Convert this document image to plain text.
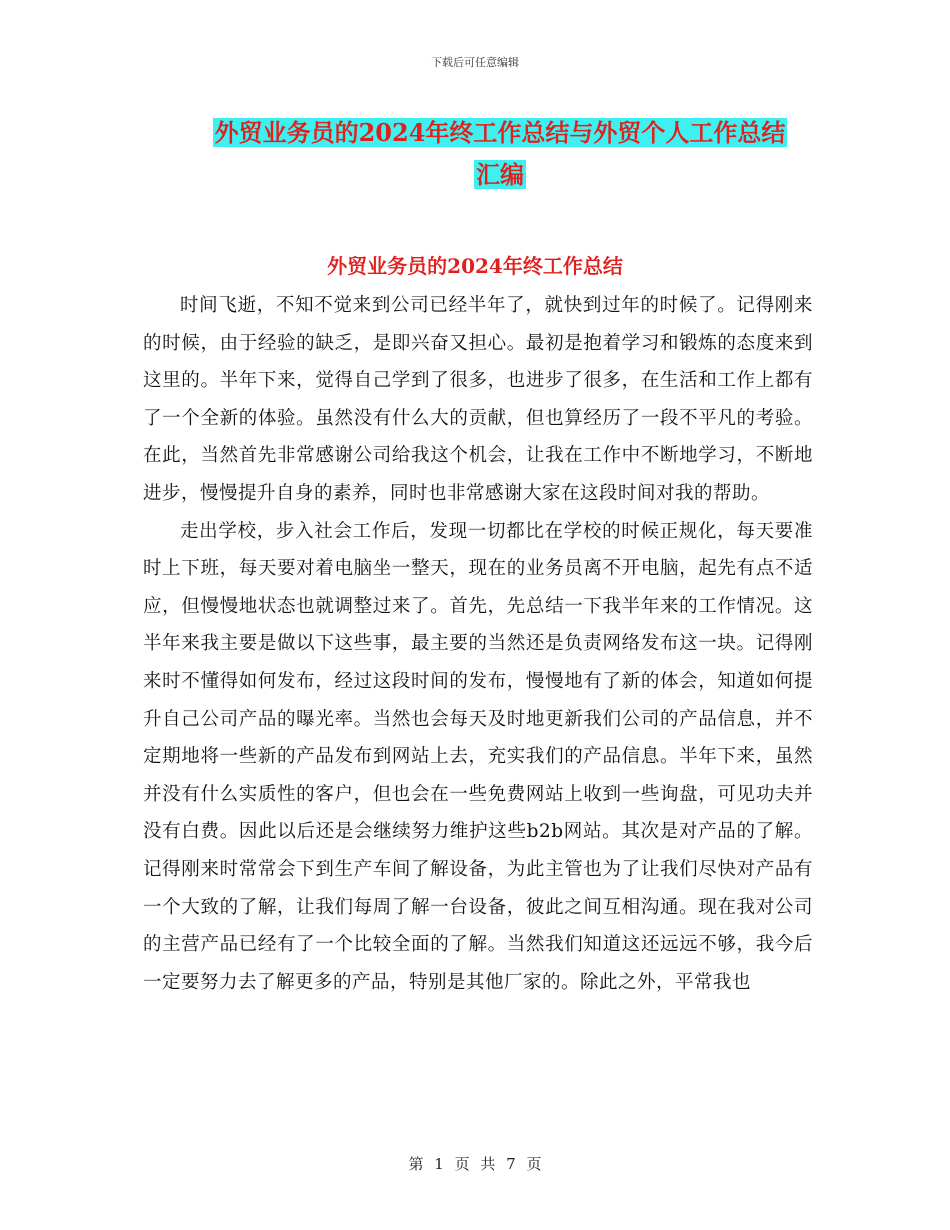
下载后可任意编辑
外贸业务员的2024年终工作总结与外贸个人工作总结
汇编
外贸业务员的2024年终工作总结

时间飞逝，不知不觉来到公司已经半年了，就快到过年的时候了。记得刚来的时候，由于经验的缺乏，是即兴奋又担心。最初是抱着学习和锻炼的态度来到这里的。半年下来，觉得自己学到了很多，也进步了很多，在生活和工作上都有了一个全新的体验。虽然没有什么大的贡献，但也算经历了一段不平凡的考验。在此，当然首先非常感谢公司给我这个机会，让我在工作中不断地学习，不断地进步，慢慢提升自身的素养，同时也非常感谢大家在这段时间对我的帮助。

走出学校，步入社会工作后，发现一切都比在学校的时候正规化，每天要准时上下班，每天要对着电脑坐一整天，现在的业务员离不开电脑，起先有点不适应，但慢慢地状态也就调整过来了。首先，先总结一下我半年来的工作情况。这半年来我主要是做以下这些事，最主要的当然还是负责网络发布这一块。记得刚来时不懂得如何发布，经过这段时间的发布，慢慢地有了新的体会，知道如何提升自己公司产品的曝光率。当然也会每天及时地更新我们公司的产品信息，并不定期地将一些新的产品发布到网站上去，充实我们的产品信息。半年下来，虽然并没有什么实质性的客户，但也会在一些免费网站上收到一些询盘，可见功夫并没有白费。因此以后还是会继续努力维护这些b2b网站。其次是对产品的了解。记得刚来时常常会下到生产车间了解设备，为此主管也为了让我们尽快对产品有一个大致的了解，让我们每周了解一台设备，彼此之间互相沟通。现在我对公司的主营产品已经有了一个比较全面的了解。当然我们知道这还远远不够，我今后一定要努力去了解更多的产品，特别是其他厂家的。除此之外，平常我也

第 1 页 共 7 页
